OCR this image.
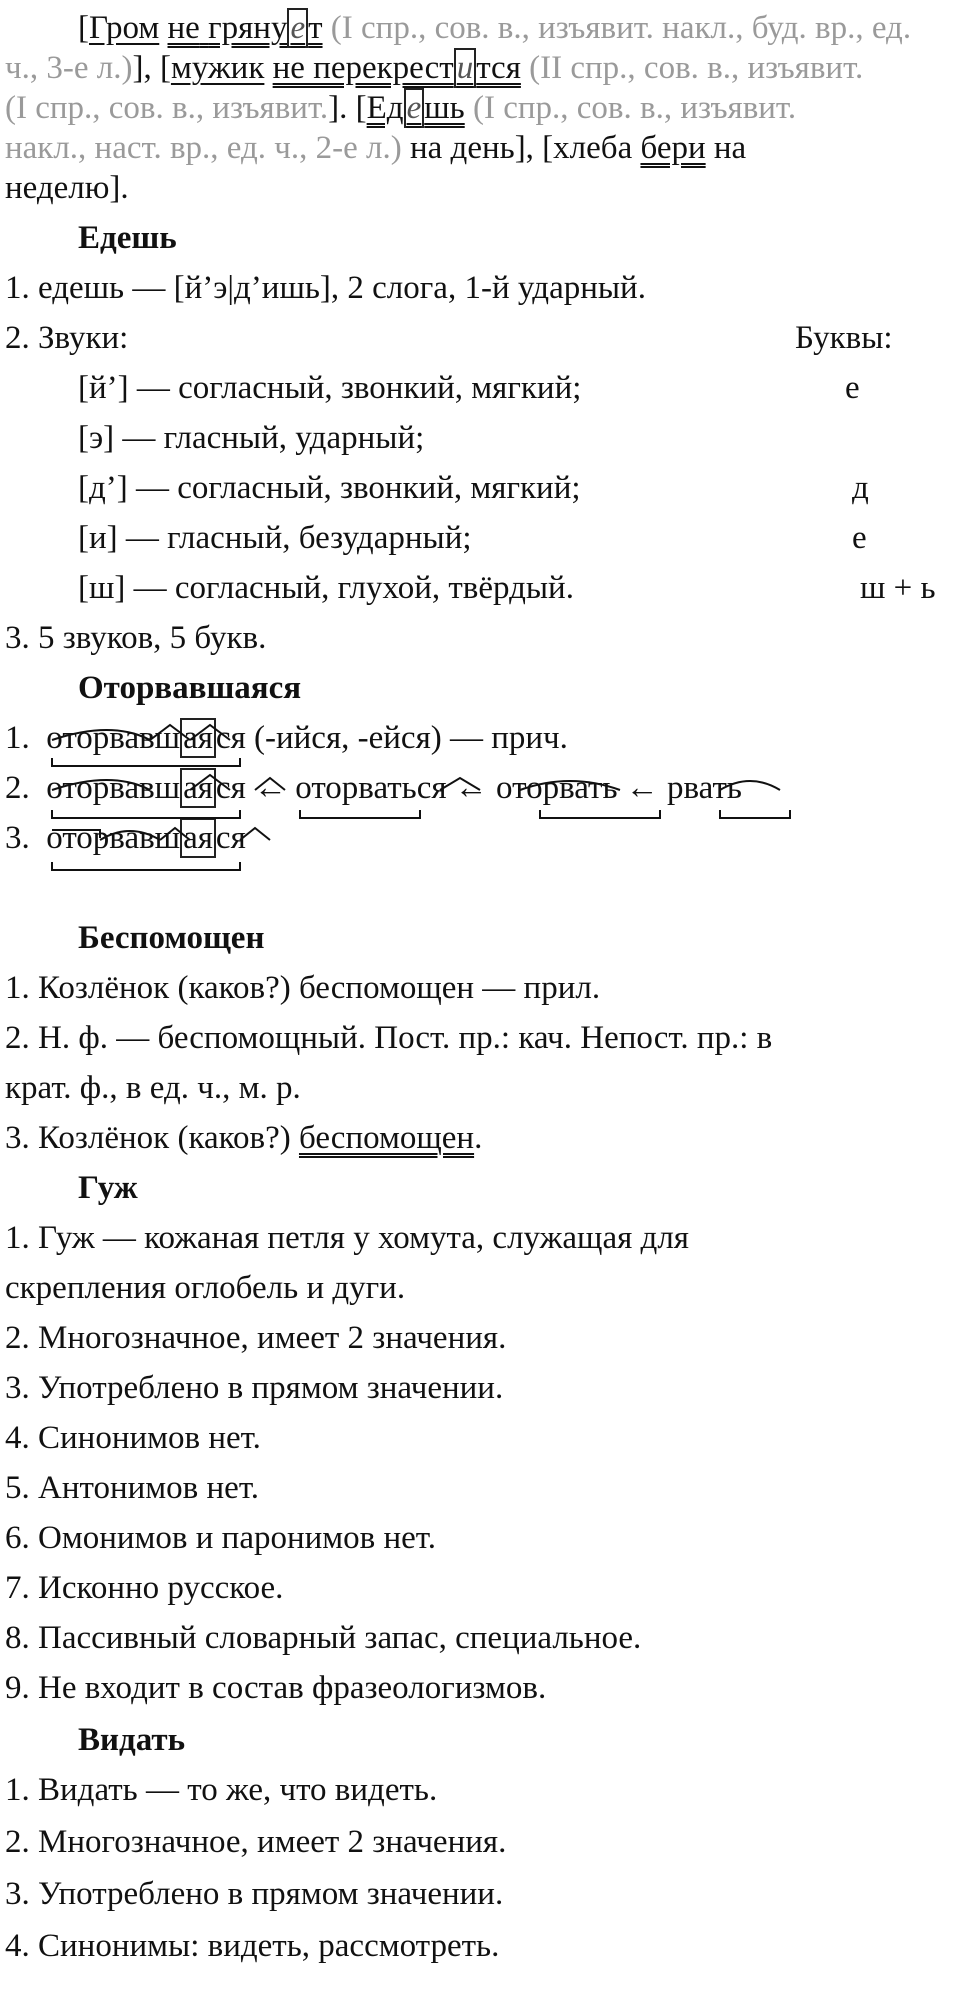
[Гром не грянует (I спр., сов. в., изъявит. накл., буд. вр., ед.
ч., 3-е л.)], [мужик не перекрестится (II спр., сов. в., изъявит.
(I спр., сов. в., изъявит.]. [Едешь (I спр., сов. в., изъявит.
накл., наст. вр., ед. ч., 2-е л.) на день], [хлеба бери на
неделю].
Едешь
1. едешь — [й’э|д’ишь], 2 слога, 1-й ударный.
2. Звуки:	Буквы:
[й’] — согласный, звонкий, мягкий;	е
[э] — гласный, ударный;
[д’] — согласный, звонкий, мягкий;	д
[и] — гласный, безударный;	е
[ш] — согласный, глухой, твёрдый.	ш + ь
3. 5 звуков, 5 букв.
Оторвавшаяся
1. оторвавшаяся (-ийся, -ейся) — прич.
2. оторвавшаяся ← оторваться ← оторвать ← рвать
3. оторвавшаяся
Беспомощен
1. Козлёнок (каков?) беспомощен — прил.
2. Н. ф. — беспомощный. Пост. пр.: кач. Непост. пр.: в
крат. ф., в ед. ч., м. р.
3. Козлёнок (каков?) беспомощен.
Гуж
1. Гуж — кожаная петля у хомута, служащая для
скрепления оглобель и дуги.
2. Многозначное, имеет 2 значения.
3. Употреблено в прямом значении.
4. Синонимов нет.
5. Антонимов нет.
6. Омонимов и паронимов нет.
7. Исконно русское.
8. Пассивный словарный запас, специальное.
9. Не входит в состав фразеологизмов.
Видать
1. Видать — то же, что видеть.
2. Многозначное, имеет 2 значения.
3. Употреблено в прямом значении.
4. Синонимы: видеть, рассмотреть.
